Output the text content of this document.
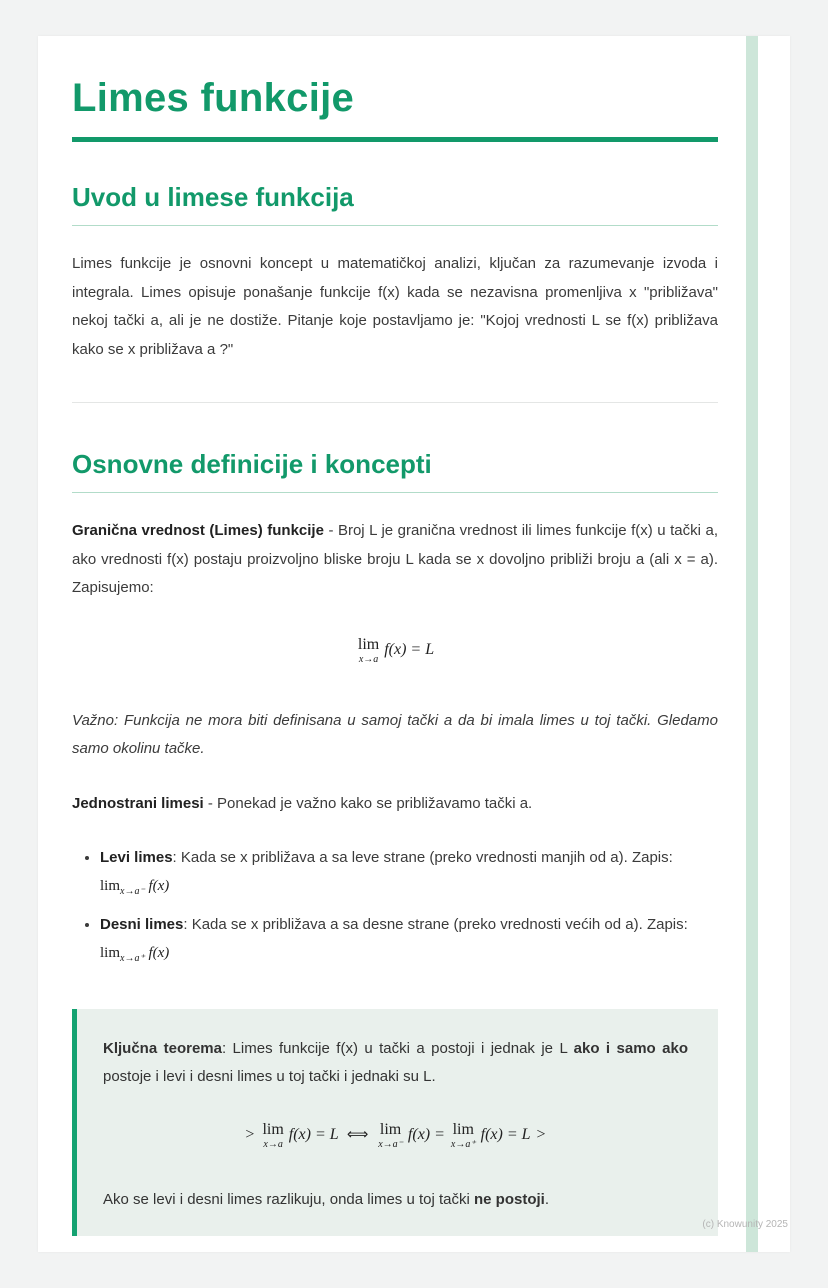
Limes funkcije
Uvod u limese funkcija

Limes funkcije je osnovni koncept u matematičkoj analizi, ključan za razumevanje izvoda i integrala. Limes opisuje ponašanje funkcije f(x) kada se nezavisna promenljiva x "približava" nekoj tački a, ali je ne dostiže. Pitanje koje postavljamo je: "Kojoj vrednosti L se f(x) približava kako se x približava a ?"

Osnovne definicije i koncepti

Granična vrednost (Limes) funkcije - Broj L je granična vrednost ili limes funkcije f(x) u tački a, ako vrednosti f(x) postaju proizvoljno bliske broju L kada se x dovoljno približi broju a (ali x = a). Zapisujemo:

lim
x→a
f(x) = L

Važno: Funkcija ne mora biti definisana u samoj tački a da bi imala limes u toj tački. Gledamo samo okolinu tačke.

Jednostrani limesi - Ponekad je važno kako se približavamo tački a.

• Levi limes: Kada se x približava a sa leve strane (preko vrednosti manjih od a). Zapis: $\lim_{x\to a^-} f(x)$
• Desni limes: Kada se x približava a sa desne strane (preko vrednosti većih od a). Zapis: $\lim_{x\to a^+} f(x)$

Ključna teorema: Limes funkcije f(x) u tački a postoji i jednak je L ako i samo ako postoje i levi i desni limes u toj tački i jednaki su L.

> lim
x→a
f(x) = L ⟺ lim
x→a⁻
f(x) = lim
x→a⁺
f(x) = L >

Ako se levi i desni limes razlikuju, onda limes u toj tački ne postoji.

(c) Knowunity 2025
